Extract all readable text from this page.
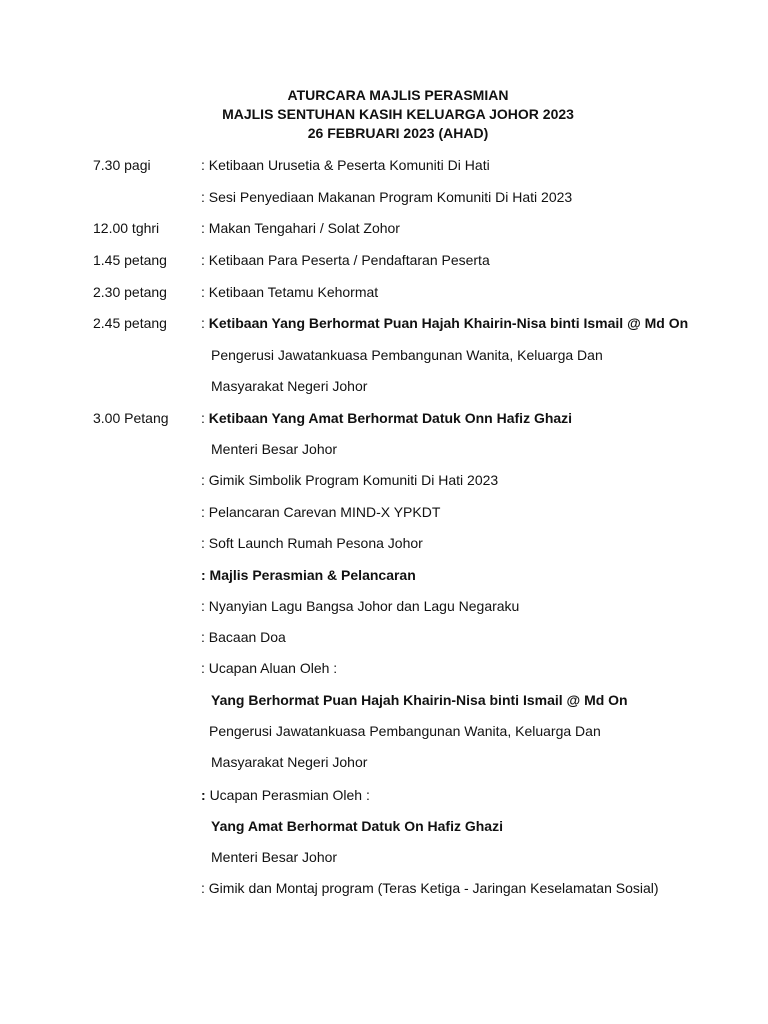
ATURCARA MAJLIS PERASMIAN
MAJLIS SENTUHAN KASIH KELUARGA JOHOR 2023
26 FEBRUARI 2023 (AHAD)
7.30 pagi	: Ketibaan Urusetia & Peserta Komuniti Di Hati
: Sesi Penyediaan Makanan Program Komuniti Di Hati 2023
12.00 tghri	: Makan Tengahari / Solat Zohor
1.45 petang : Ketibaan Para Peserta / Pendaftaran Peserta
2.30 petang : Ketibaan Tetamu Kehormat
2.45 petang : Ketibaan Yang Berhormat Puan Hajah Khairin-Nisa binti Ismail @ Md On
Pengerusi Jawatankuasa Pembangunan Wanita, Keluarga Dan
Masyarakat Negeri Johor
3.00 Petang : Ketibaan Yang Amat Berhormat Datuk Onn Hafiz Ghazi
Menteri Besar Johor
: Gimik Simbolik Program Komuniti Di Hati 2023
: Pelancaran Carevan MIND-X YPKDT
: Soft Launch Rumah Pesona Johor
: Majlis Perasmian & Pelancaran
: Nyanyian Lagu Bangsa Johor dan Lagu Negaraku
: Bacaan Doa
: Ucapan Aluan Oleh :
Yang Berhormat Puan Hajah Khairin-Nisa binti Ismail @ Md On
Pengerusi Jawatankuasa Pembangunan Wanita, Keluarga Dan
Masyarakat Negeri Johor
: Ucapan Perasmian Oleh :
Yang Amat Berhormat Datuk On Hafiz Ghazi
Menteri Besar Johor
: Gimik dan Montaj program (Teras Ketiga - Jaringan Keselamatan Sosial)
